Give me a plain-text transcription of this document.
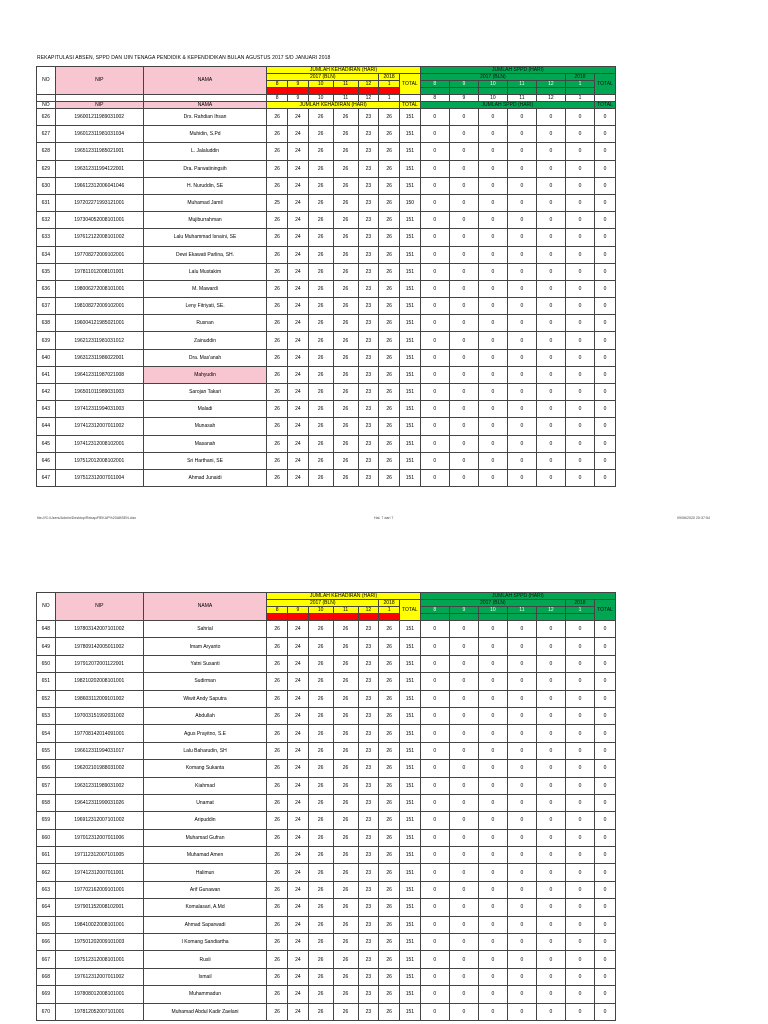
REKAPITULASI ABSEN, SPPD DAN IJIN TENAGA PENDIDIK & KEPENDIDIKAN BULAN AGUSTUS 2017 S/D JANUARI 2018
NO	NIP	NAMA	JUMLAH KEHADIRAN (HARI)							JUMLAH SPPD (HARI)						
			2017 (BLN)					2018	TOTAL	2017 (BLN)					2018	TOTAL
			8	9	10	11	12	1		8	9	10	11	12	1	

			8	9	10	11	12	1		8	9	10	11	12	1	
NO	NIP	NAMA	JUMLAH KEHADIRAN (HARI)						TOTAL	JUMLAH SPPD (HARI)						TOTAL
626	196001211989031002	Drs. Rahdian Ihsan	26	24	26	26	23	26	151	0	0	0	0	0	0	0
627	196012311981031034	Muhidin, S.Pd	26	24	26	26	23	26	151	0	0	0	0	0	0	0
628	196512311985021001	L. Jalaluddin	26	24	26	26	23	26	151	0	0	0	0	0	0	0
629	196312311994122001	Dra. Parwatiningsih	26	24	26	26	23	26	151	0	0	0	0	0	0	0
630	196612312006041046	H. Nuruddin, SE	26	24	26	26	23	26	151	0	0	0	0	0	0	0
631	197202271993121001	Muhamad Jamil	25	24	26	26	23	26	150	0	0	0	0	0	0	0
632	197304052008101001	Mujiburrahman	26	24	26	26	23	26	151	0	0	0	0	0	0	0
633	197612122008101002	Lalu Muhammad Isnaini, SE	26	24	26	26	23	26	151	0	0	0	0	0	0	0
634	197708272009102001	Dewi Ekawati Parlina, SH.	26	24	26	26	23	26	151	0	0	0	0	0	0	0
635	197811012008101001	Lalu Mustakim	26	24	26	26	23	26	151	0	0	0	0	0	0	0
636	198006272008101001	M. Mawardi	26	24	26	26	23	26	151	0	0	0	0	0	0	0
637	198108272009102001	Leny Fitriyati, SE.	26	24	26	26	23	26	151	0	0	0	0	0	0	0
638	196004121985021001	Rusnan	26	24	26	26	23	26	151	0	0	0	0	0	0	0
639	196212311981031012	Zainuddin	26	24	26	26	23	26	151	0	0	0	0	0	0	0
640	196312311986022001	Dra. Mas'anah	26	24	26	26	23	26	151	0	0	0	0	0	0	0
641	196412311987021008	Mahyudin	26	24	26	26	23	26	151	0	0	0	0	0	0	0
642	196501011989031003	Sarojan Takari	26	24	26	26	23	26	151	0	0	0	0	0	0	0
643	197412311994031003	Maladi	26	24	26	26	23	26	151	0	0	0	0	0	0	0
644	197412312007011002	Munasah	26	24	26	26	23	26	151	0	0	0	0	0	0	0
645	197412312008102001	Masanah	26	24	26	26	23	26	151	0	0	0	0	0	0	0
646	197512012008102001	Sri Harthani, SE	26	24	26	26	23	26	151	0	0	0	0	0	0	0
647	197512312007011004	Ahmad Junaidi	26	24	26	26	23	26	151	0	0	0	0	0	0	0
file:///C:/Users/Admin/Desktop/Rekap/REKAP%20ABSEN.xlsx	Hal. 7 dari 7	09/06/2020 20:37:54
NO	NIP	NAMA	JUMLAH KEHADIRAN (HARI)							JUMLAH SPPD (HARI)						
			2017 (BLN)					2018	TOTAL	2017 (BLN)					2018	TOTAL
			8	9	10	11	12	1		8	9	10	11	12	1	

648	197803142007101002	Sahrial	26	24	26	26	23	26	151	0	0	0	0	0	0	0
649	197809142005011002	Imam Aryanto	26	24	26	26	23	26	151	0	0	0	0	0	0	0
650	197912072001122001	Yatni Susanti	26	24	26	26	23	26	151	0	0	0	0	0	0	0
651	198210202008101001	Sudirman	26	24	26	26	23	26	151	0	0	0	0	0	0	0
652	198603112009101002	Wiwit Andy Saputra	26	24	26	26	23	26	151	0	0	0	0	0	0	0
653	197003151992031002	Abdullah	26	24	26	26	23	26	151	0	0	0	0	0	0	0
654	197708142014091001	Agus Prayitno, S.E	26	24	26	26	23	26	151	0	0	0	0	0	0	0
655	196612311994031017	Lalu Baharudin, SH	26	24	26	26	23	26	151	0	0	0	0	0	0	0
656	196202101988031002	Komang Sukanta	26	24	26	26	23	26	151	0	0	0	0	0	0	0
657	196312311989031002	Kiahmad	26	24	26	26	23	26	151	0	0	0	0	0	0	0
658	196412311990031026	Unamat	26	24	26	26	23	26	151	0	0	0	0	0	0	0
659	196912312007101002	Aripuddin	26	24	26	26	23	26	151	0	0	0	0	0	0	0
660	197012312007011006	Muhamad Gufran	26	24	26	26	23	26	151	0	0	0	0	0	0	0
661	197112312007101005	Muhamad Amen	26	24	26	26	23	26	151	0	0	0	0	0	0	0
662	197412312007011001	Halimun	26	24	26	26	23	26	151	0	0	0	0	0	0	0
663	197702162009101001	Arif Gunawan	26	24	26	26	23	26	151	0	0	0	0	0	0	0
664	197901152008102001	Komalasari, A.Md	26	24	26	26	23	26	151	0	0	0	0	0	0	0
665	198410022008101001	Ahmad Saparwadi	26	24	26	26	23	26	151	0	0	0	0	0	0	0
666	197501202009101003	I Komang Sandiartha	26	24	26	26	23	26	151	0	0	0	0	0	0	0
667	197512312008101001	Rusli	26	24	26	26	23	26	151	0	0	0	0	0	0	0
668	197612312007011002	Ismail	26	24	26	26	23	26	151	0	0	0	0	0	0	0
669	197808012008101001	Muhammadun	26	24	26	26	23	26	151	0	0	0	0	0	0	0
670	197812052007101001	Muhamad Abdul Kadir Zaelani	26	24	26	26	23	26	151	0	0	0	0	0	0	0
